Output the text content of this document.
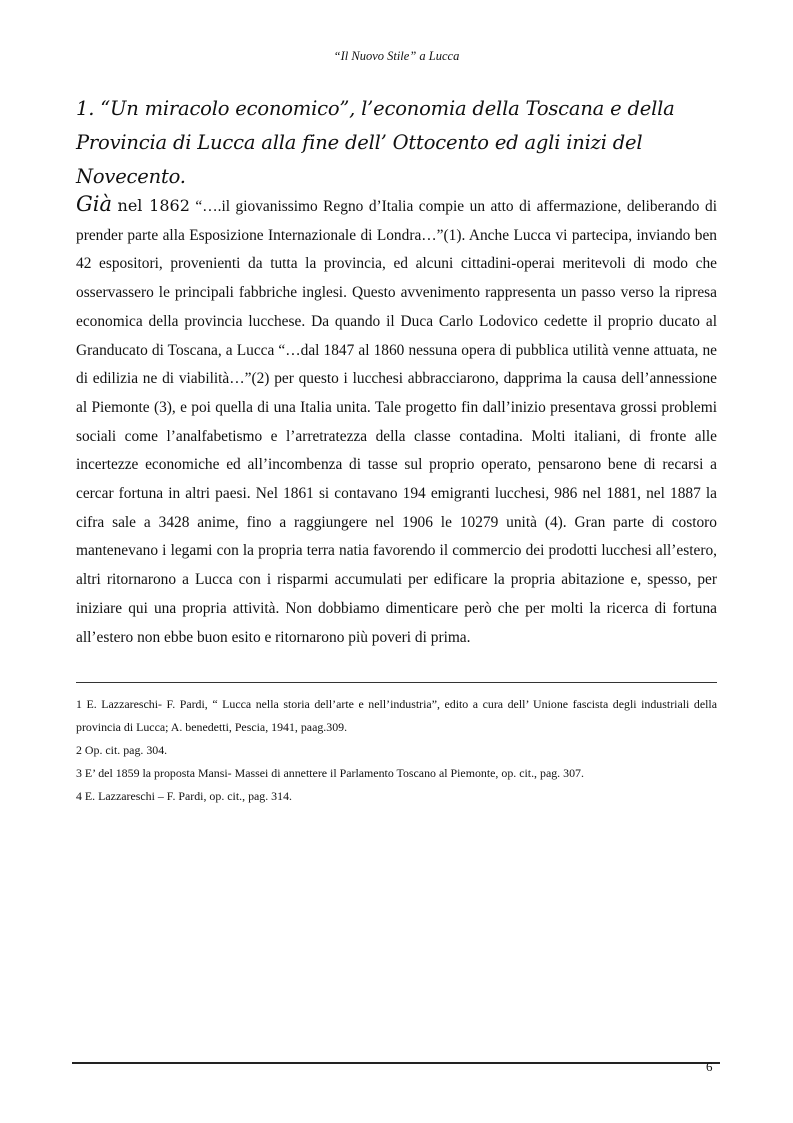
“Il Nuovo Stile” a Lucca
1. “Un miracolo economico”, l’economia della Toscana e della Provincia di Lucca alla fine dell’ Ottocento ed agli inizi del Novecento.
Già nel 1862 “….il giovanissimo Regno d’Italia compie un atto di affermazione, deliberando di prender parte alla Esposizione Internazionale di Londra…”(1). Anche Lucca vi partecipa, inviando ben 42 espositori, provenienti da tutta la provincia, ed alcuni cittadini-operai meritevoli di modo che osservassero le principali fabbriche inglesi. Questo avvenimento rappresenta un passo verso la ripresa economica della provincia lucchese. Da quando il Duca Carlo Lodovico cedette il proprio ducato al Granducato di Toscana, a Lucca “…dal 1847 al 1860 nessuna opera di pubblica utilità venne attuata, ne di edilizia ne di viabilità…”(2) per questo i lucchesi abbracciarono, dapprima la causa dell’annessione al Piemonte (3), e poi quella di una Italia unita. Tale progetto fin dall’inizio presentava grossi problemi sociali come l’analfabetismo e l’arretratezza della classe contadina. Molti italiani, di fronte alle incertezze economiche ed all’incombenza di tasse sul proprio operato, pensarono bene di recarsi a cercar fortuna in altri paesi. Nel 1861 si contavano 194 emigranti lucchesi, 986 nel 1881, nel 1887 la cifra sale a 3428 anime, fino a raggiungere nel 1906 le 10279 unità (4). Gran parte di costoro mantenevano i legami con la propria terra natia favorendo il commercio dei prodotti lucchesi all’estero, altri ritornarono a Lucca con i risparmi accumulati per edificare la propria abitazione e, spesso, per iniziare qui una propria attività. Non dobbiamo dimenticare però che per molti la ricerca di fortuna all’estero non ebbe buon esito e ritornarono più poveri di prima.

1 E. Lazzareschi- F. Pardi, “ Lucca nella storia dell’arte e nell’industria”, edito a cura dell’ Unione fascista degli industriali della provincia di Lucca; A. benedetti, Pescia, 1941, paag.309.

2 Op. cit. pag. 304.

3 E’ del 1859 la proposta Mansi- Massei di annettere il Parlamento Toscano al Piemonte, op. cit., pag. 307.

4 E. Lazzareschi – F. Pardi, op. cit., pag. 314.

6
